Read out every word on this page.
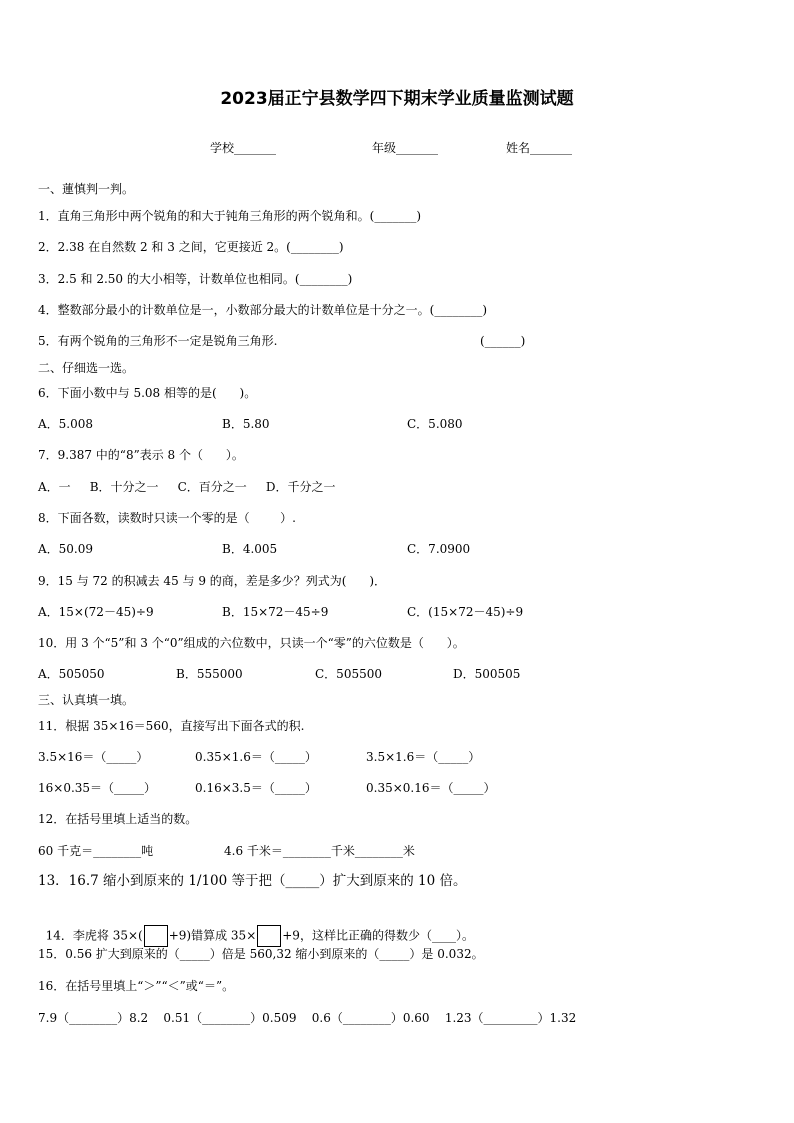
2023届正宁县数学四下期末学业质量监测试题
学校_______	年级_______	姓名_______
一、蓮慎判一判。
1．直角三角形中两个锐角的和大于钝角三角形的两个锐角和。(_______)
2．2.38 在自然数 2 和 3 之间，它更接近 2。(________)
3．2.5 和 2.50 的大小相等，计数单位也相同。(________)
4．整数部分最小的计数单位是一，小数部分最大的计数单位是十分之一。(________)
5．有两个锐角的三角形不一定是锐角三角形.	(______)
二、仔细选一选。
6．下面小数中与 5.08 相等的是(      )。
A．5.008	B．5.80	C．5.080
7．9.387 中的“8”表示 8 个（      ）。
A．一     B．十分之一     C．百分之一     D．千分之一
8．下面各数，读数时只读一个零的是（        ）.
A．50.09	B．4.005	C．7.0900
9．15 与 72 的积减去 45 与 9 的商，差是多少？列式为(      )．
A．15×(72－45)÷9	B．15×72－45÷9	C．(15×72－45)÷9
10．用 3 个“5”和 3 个“0”组成的六位数中，只读一个“零”的六位数是（      ）。
A．505050	B．555000	C．505500	D．500505
三、认真填一填。
11．根据 35×16＝560，直接写出下面各式的积.
3.5×16＝（_____）	0.35×1.6＝（_____）	3.5×1.6＝（_____）
16×0.35＝（_____）	0.16×3.5＝（_____）	0.35×0.16＝（_____）
12．在括号里填上适当的数。
60 千克＝________吨	4.6 千米＝________千米________米
13．16.7 缩小到原来的 1/100 等于把（_____）扩大到原来的 10 倍。

14．李虎将 35×( +9)错算成 35× +9，这样比正确的得数少（____）。

15．0.56 扩大到原来的（_____）倍是 560,32 缩小到原来的（_____）是 0.032。
16．在括号里填上“＞”“＜”或“＝”。
7.9（________）8.2    0.51（________）0.509    0.6（________）0.60    1.23（_________）1.32
